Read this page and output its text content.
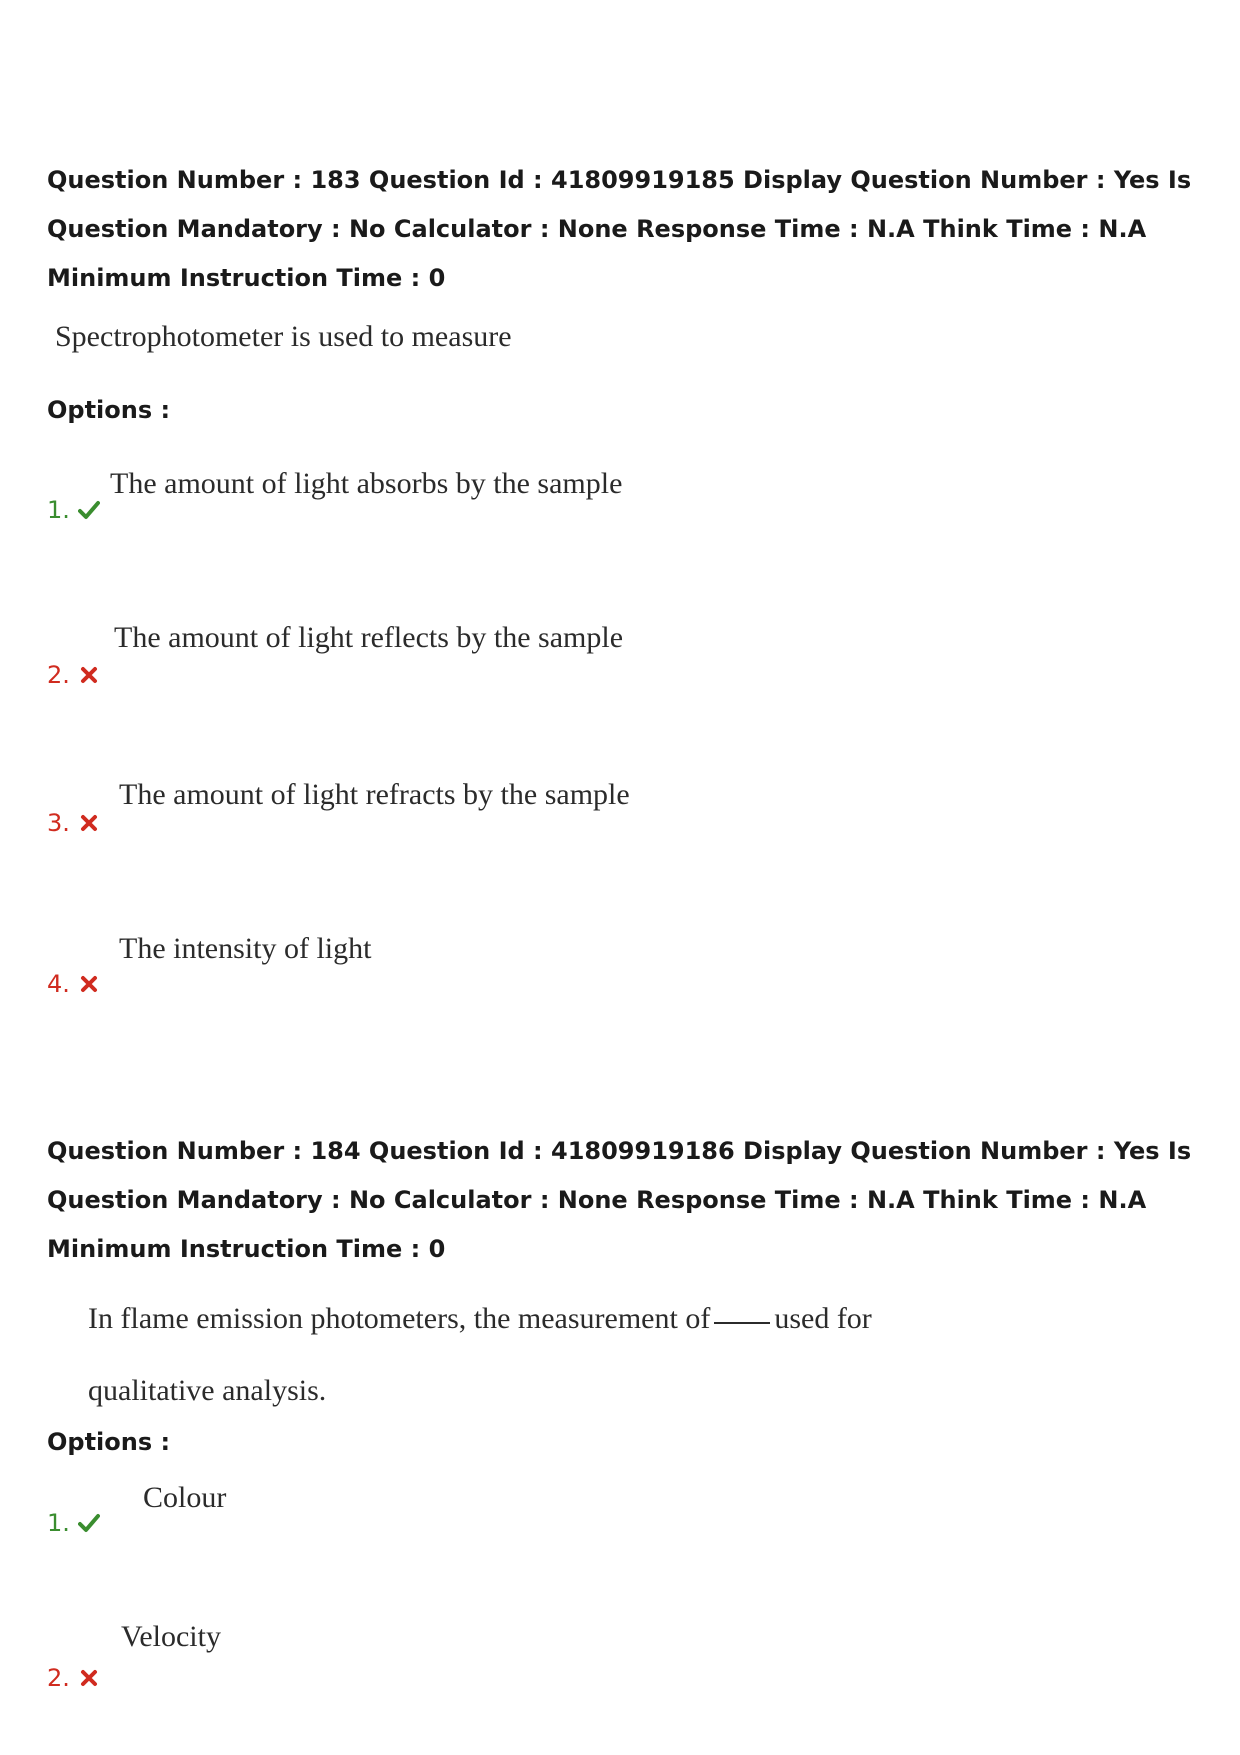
Question Number : 183 Question Id : 41809919185 Display Question Number : Yes Is Question Mandatory : No Calculator : None Response Time : N.A Think Time : N.A Minimum Instruction Time : 0
Spectrophotometer is used to measure
Options :
1.
The amount of light absorbs by the sample
2.
The amount of light reflects by the sample
3.
The amount of light refracts by the sample
4.
The intensity of light
Question Number : 184 Question Id : 41809919186 Display Question Number : Yes Is Question Mandatory : No Calculator : None Response Time : N.A Think Time : N.A Minimum Instruction Time : 0
In flame emission photometers, the measurement of used for
qualitative analysis.
Options :
1.
Colour
2.
Velocity
